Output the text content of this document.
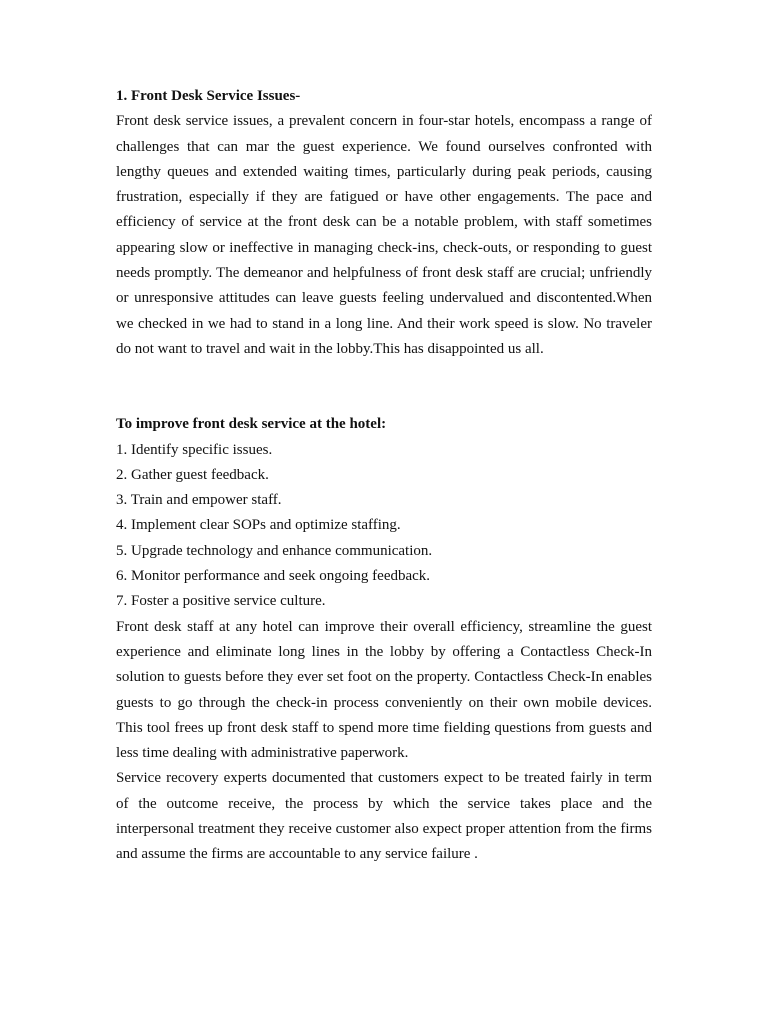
1. Front Desk Service Issues-

Front desk service issues, a prevalent concern in four-star hotels, encompass a range of challenges that can mar the guest experience. We found ourselves confronted with lengthy queues and extended waiting times, particularly during peak periods, causing frustration, especially if they are fatigued or have other engagements. The pace and efficiency of service at the front desk can be a notable problem, with staff sometimes appearing slow or ineffective in managing check-ins, check-outs, or responding to guest needs promptly. The demeanor and helpfulness of front desk staff are crucial; unfriendly or unresponsive attitudes can leave guests feeling undervalued and discontented.When we checked in we had to stand in a long line. And their work speed is slow. No traveler do not want to travel and wait in the lobby.This has disappointed us all.

To improve front desk service at the hotel:

1. Identify specific issues.
2. Gather guest feedback.
3. Train and empower staff.
4. Implement clear SOPs and optimize staffing.
5. Upgrade technology and enhance communication.
6. Monitor performance and seek ongoing feedback.
7. Foster a positive service culture.

Front desk staff at any hotel can improve their overall efficiency, streamline the guest experience and eliminate long lines in the lobby by offering a Contactless Check-In solution to guests before they ever set foot on the property. Contactless Check-In enables guests to go through the check-in process conveniently on their own mobile devices. This tool frees up front desk staff to spend more time fielding questions from guests and less time dealing with administrative paperwork.

Service recovery experts documented that customers expect to be treated fairly in term of the outcome receive, the process by which the service takes place and the interpersonal treatment they receive customer also expect proper attention from the firms and assume the firms are accountable to any service failure .
